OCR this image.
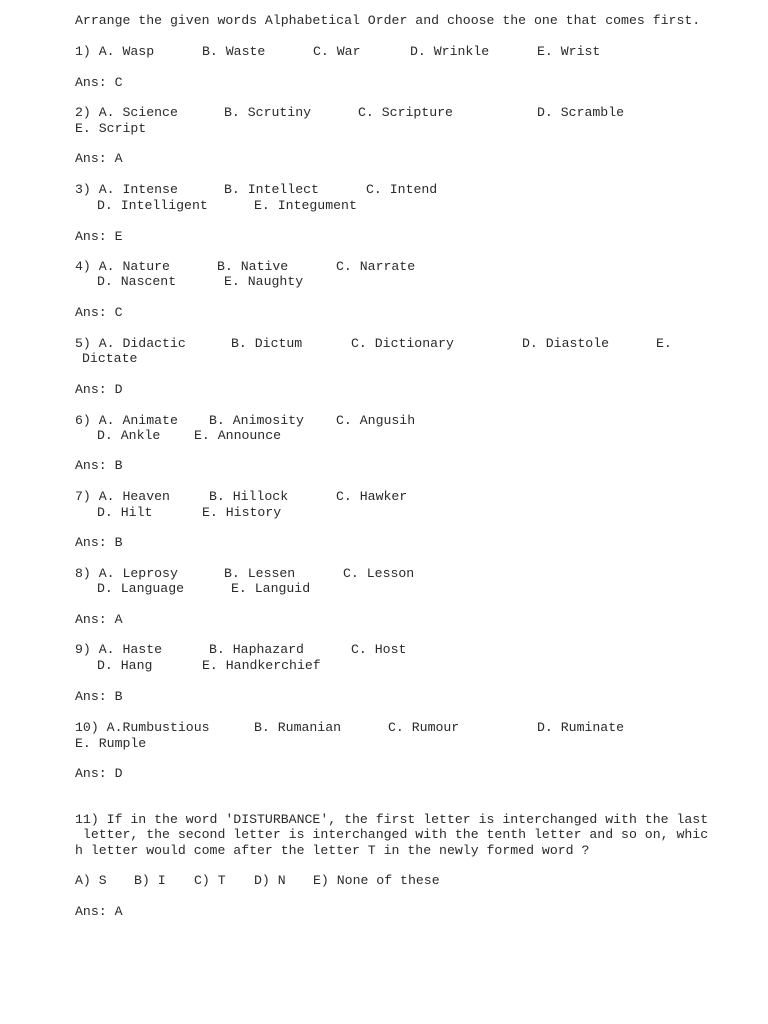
Arrange the given words Alphabetical Order and choose the one that comes first.
1) A. Wasp	B. Waste	C. War	D. Wrinkle	E. Wrist
Ans: C
2) A. Science	B. Scrutiny	C. Scripture	D. Scramble
E. Script
Ans: A
3) A. Intense	B. Intellect	C. Intend
D. Intelligent	E. Integument
Ans: E
4) A. Nature	B. Native	C. Narrate
D. Nascent	E. Naughty
Ans: C
5) A. Didactic	B. Dictum	C. Dictionary	D. Diastole	E.
Dictate
Ans: D
6) A. Animate B. Animosity C. Angusih
D. Ankle	E. Announce
Ans: B
7) A. Heaven	B. Hillock	C. Hawker
D. Hilt	E. History
Ans: B
8) A. Leprosy	B. Lessen	C. Lesson
D. Language	E. Languid
Ans: A
9) A. Haste	B. Haphazard	C. Host
D. Hang	E. Handkerchief
Ans: B
10) A.Rumbustious	B. Rumanian	C. Rumour	D. Ruminate
E. Rumple
Ans: D
11) If in the word 'DISTURBANCE', the first letter is interchanged with the last
letter, the second letter is interchanged with the tenth letter and so on, whic
h letter would come after the letter T in the newly formed word ?
A) S B) I C) T D) N E) None of these
Ans: A
